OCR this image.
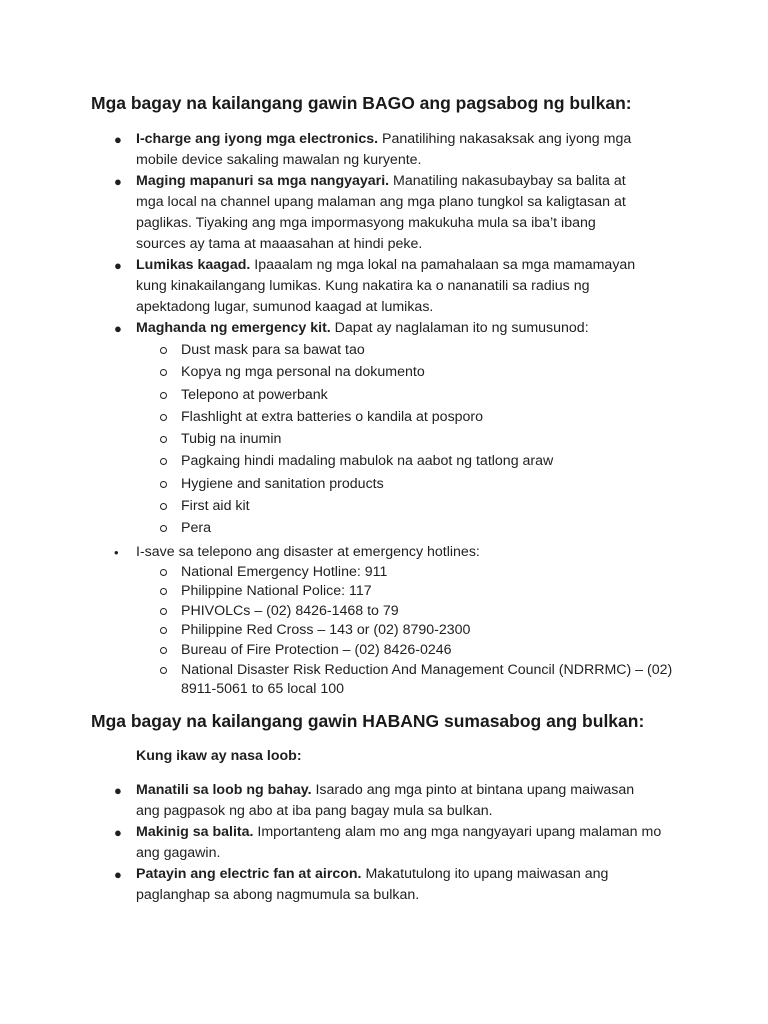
Mga bagay na kailangang gawin BAGO ang pagsabog ng bulkan:
● I-charge ang iyong mga electronics. Panatilihing nakasaksak ang iyong mga mobile device sakaling mawalan ng kuryente.
● Maging mapanuri sa mga nangyayari. Manatiling nakasubaybay sa balita at mga local na channel upang malaman ang mga plano tungkol sa kaligtasan at paglikas. Tiyaking ang mga impormasyong makukuha mula sa iba’t ibang sources ay tama at maaasahan at hindi peke.
● Lumikas kaagad. Ipaaalam ng mga lokal na pamahalaan sa mga mamamayan kung kinakailangang lumikas. Kung nakatira ka o nananatili sa radius ng apektadong lugar, sumunod kaagad at lumikas.
● Maghanda ng emergency kit. Dapat ay naglalaman ito ng sumusunod:
Dust mask para sa bawat tao
Kopya ng mga personal na dokumento
Telepono at powerbank
Flashlight at extra batteries o kandila at posporo
Tubig na inumin
Pagkaing hindi madaling mabulok na aabot ng tatlong araw
Hygiene and sanitation products
First aid kit
Pera
• I-save sa telepono ang disaster at emergency hotlines:
National Emergency Hotline: 911
Philippine National Police: 117
PHIVOLCs – (02) 8426-1468 to 79
Philippine Red Cross – 143 or (02) 8790-2300
Bureau of Fire Protection – (02) 8426-0246
National Disaster Risk Reduction And Management Council (NDRRMC) – (02) 8911-5061 to 65 local 100
Mga bagay na kailangang gawin HABANG sumasabog ang bulkan:

Kung ikaw ay nasa loob:

● Manatili sa loob ng bahay. Isarado ang mga pinto at bintana upang maiwasan ang pagpasok ng abo at iba pang bagay mula sa bulkan.
● Makinig sa balita. Importanteng alam mo ang mga nangyayari upang malaman mo ang gagawin.
● Patayin ang electric fan at aircon. Makatutulong ito upang maiwasan ang paglanghap sa abong nagmumula sa bulkan.
